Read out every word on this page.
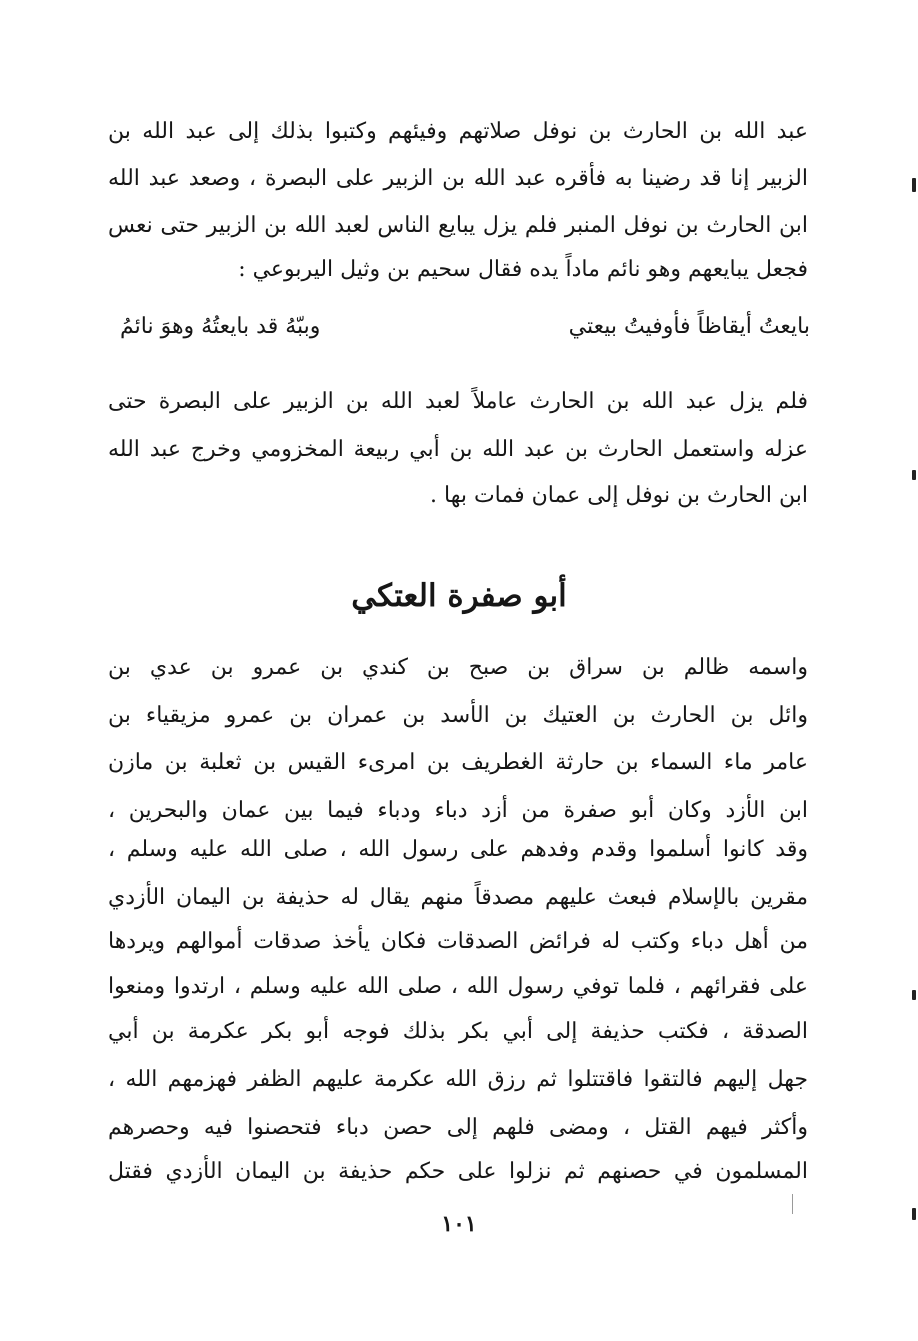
عبد الله بن الحارث بن نوفل صلاتهم وفيئهم وكتبوا بذلك إلى عبد الله بن
الزبير إنا قد رضينا به فأقره عبد الله بن الزبير على البصرة ، وصعد عبد الله
ابن الحارث بن نوفل المنبر فلم يزل يبايع الناس لعبد الله بن الزبير حتى نعس
فجعل يبايعهم وهو نائم ماداً يده فقال سحيم بن وثيل اليربوعي :
بايعتُ أيقاظاً فأوفيتُ بيعتي
وببّهُ قد بايعتُهُ وهوَ نائمُ
فلم يزل عبد الله بن الحارث عاملاً لعبد الله بن الزبير على البصرة حتى
عزله واستعمل الحارث بن عبد الله بن أبي ربيعة المخزومي وخرج عبد الله
ابن الحارث بن نوفل إلى عمان فمات بها .
أبو صفرة العتكي
واسمه ظالم بن سراق بن صبح بن كندي بن عمرو بن عدي بن
وائل بن الحارث بن العتيك بن الأسد بن عمران بن عمرو مزيقياء بن
عامر ماء السماء بن حارثة الغطريف بن امرىء القيس بن ثعلبة بن مازن
ابن الأزد وكان أبو صفرة من أزد دباء ودباء فيما بين عمان والبحرين ،
وقد كانوا أسلموا وقدم وفدهم على رسول الله ، صلى الله عليه وسلم ،
مقرين بالإسلام فبعث عليهم مصدقاً منهم يقال له حذيفة بن اليمان الأزدي
من أهل دباء وكتب له فرائض الصدقات فكان يأخذ صدقات أموالهم ويردها
على فقرائهم ، فلما توفي رسول الله ، صلى الله عليه وسلم ، ارتدوا ومنعوا
الصدقة ، فكتب حذيفة إلى أبي بكر بذلك فوجه أبو بكر عكرمة بن أبي
جهل إليهم فالتقوا فاقتتلوا ثم رزق الله عكرمة عليهم الظفر فهزمهم الله ،
وأكثر فيهم القتل ، ومضى فلهم إلى حصن دباء فتحصنوا فيه وحصرهم
المسلمون في حصنهم ثم نزلوا على حكم حذيفة بن اليمان الأزدي فقتل
١٠١
